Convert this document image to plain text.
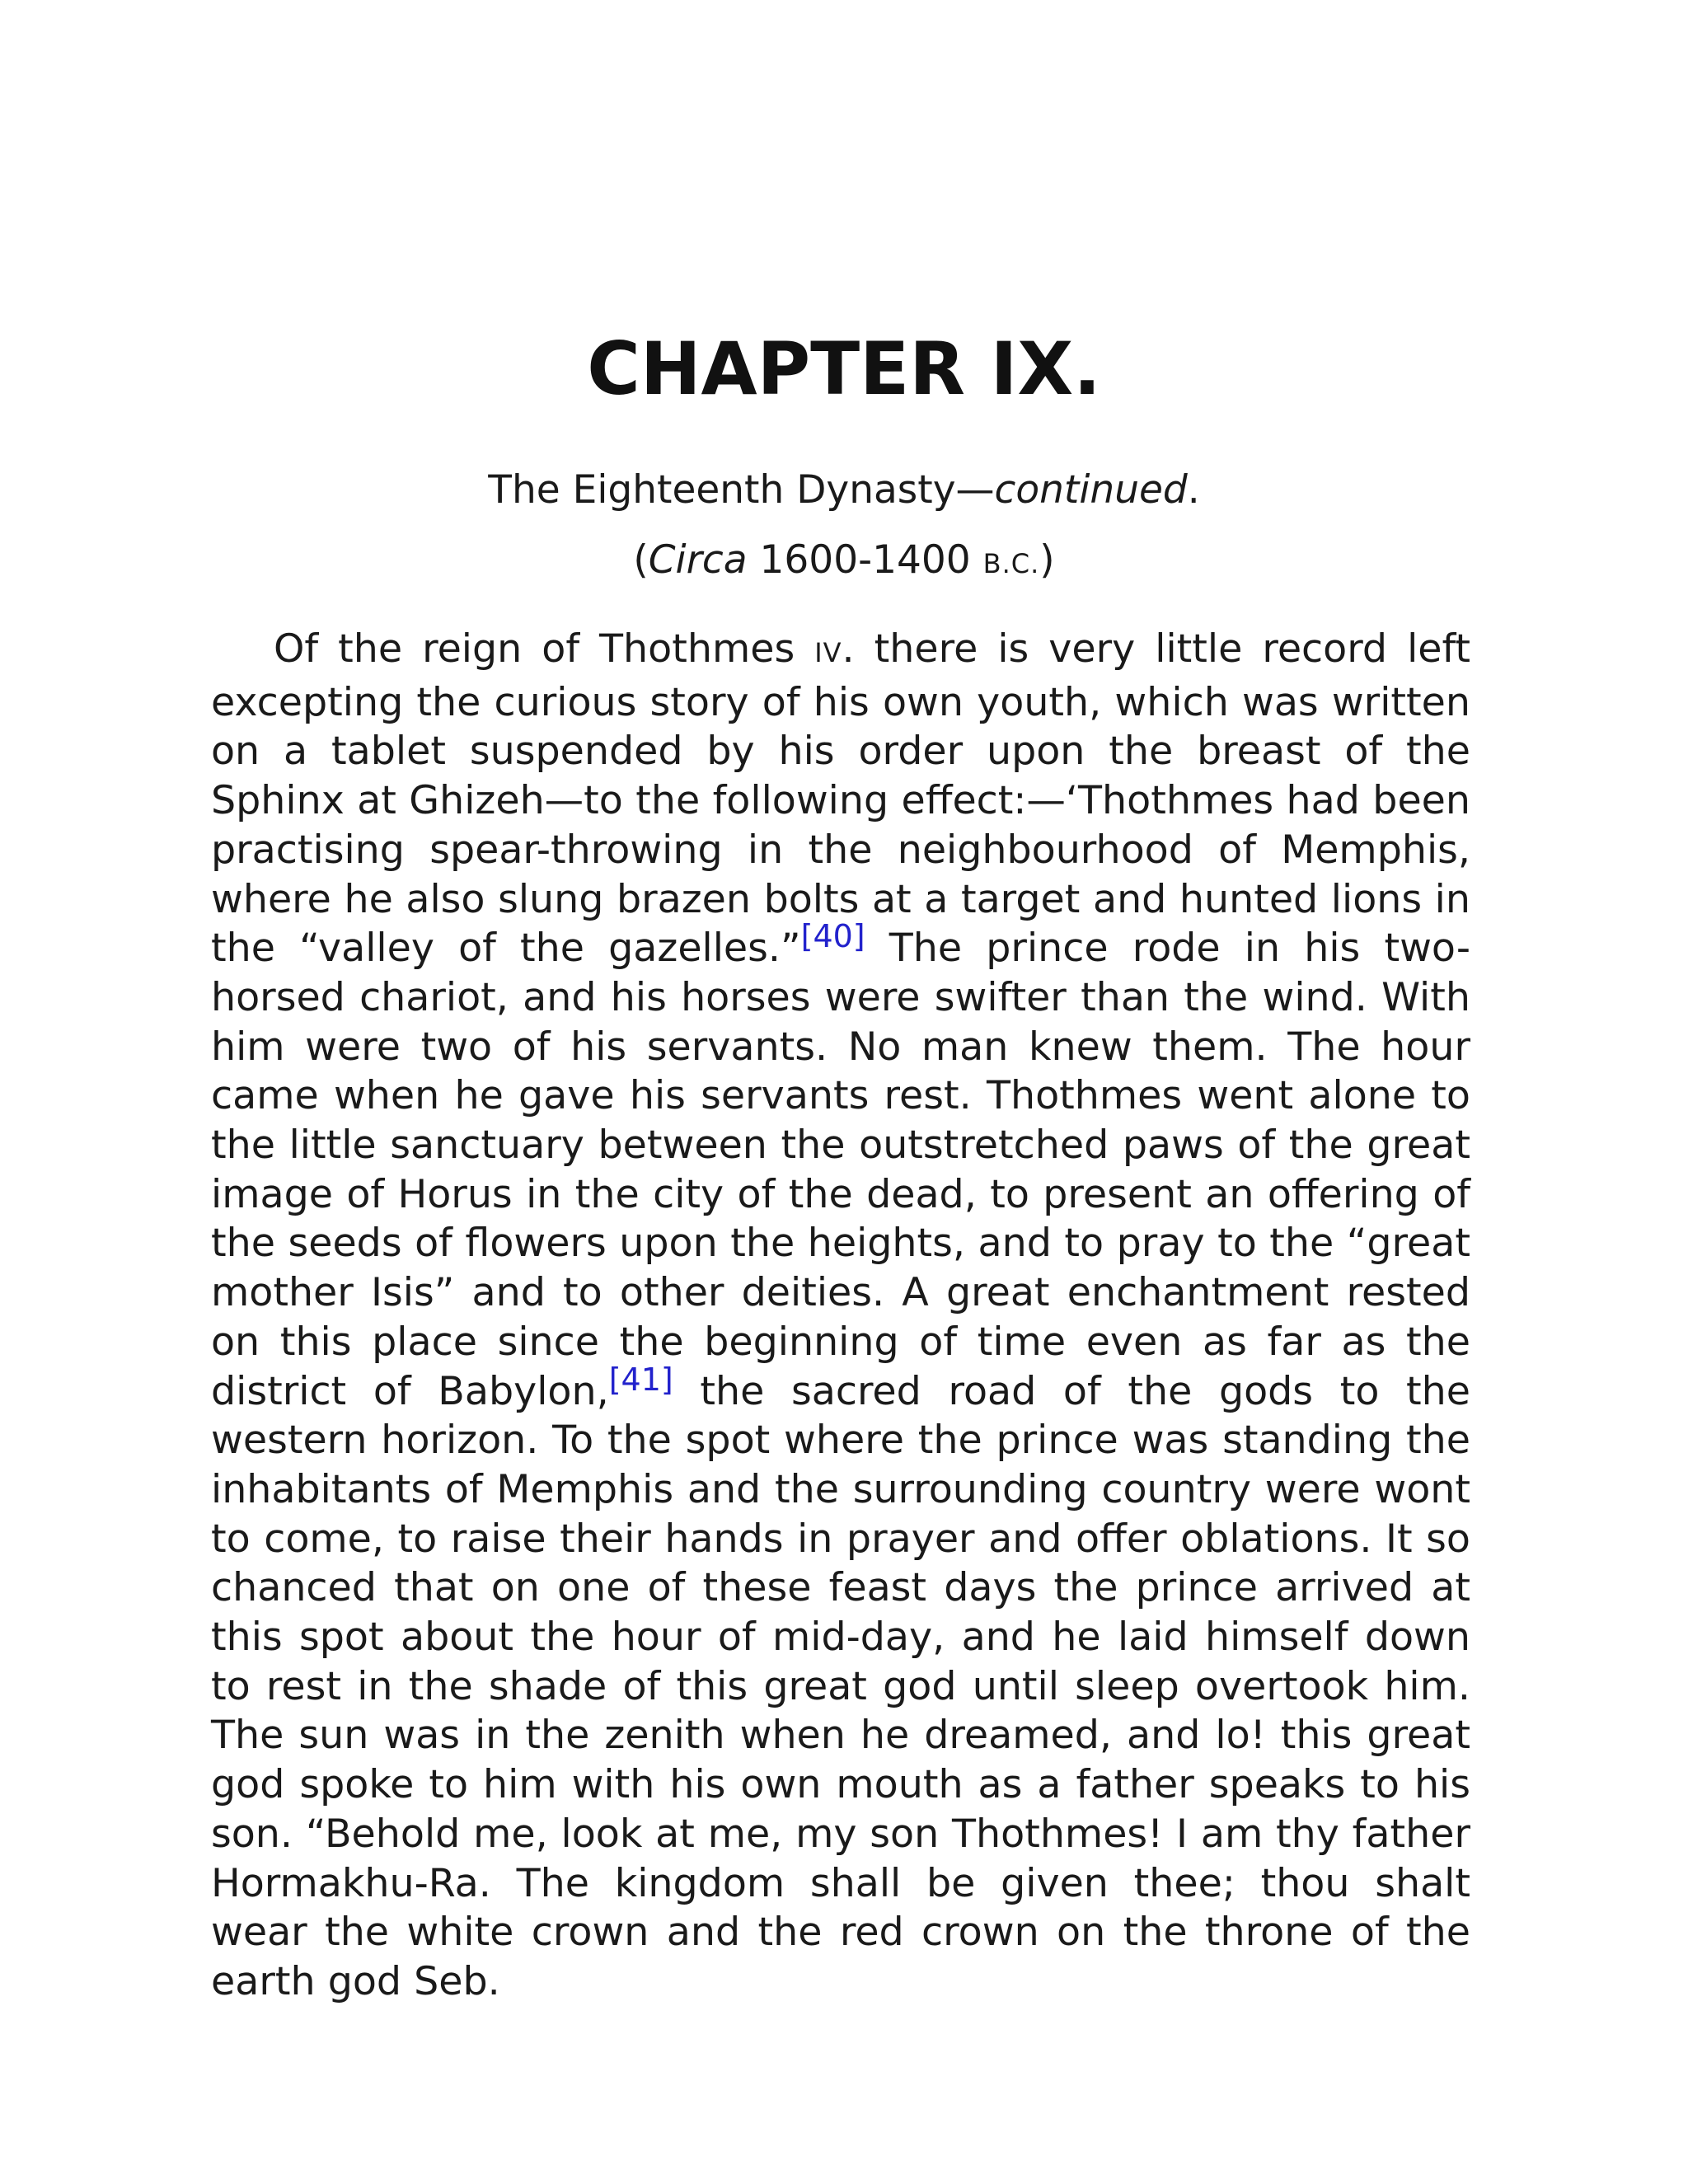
CHAPTER IX.

The Eighteenth Dynasty—continued.

(Circa 1600-1400 B.C.)

Of the reign of Thothmes IV. there is very little record left excepting the curious story of his own youth, which was written on a tablet suspended by his order upon the breast of the Sphinx at Ghizeh—to the following effect:—‘Thothmes had been practising spear-throwing in the neighbourhood of Memphis, where he also slung brazen bolts at a target and hunted lions in the “valley of the gazelles.”[40] The prince rode in his two-horsed chariot, and his horses were swifter than the wind. With him were two of his servants. No man knew them. The hour came when he gave his servants rest. Thothmes went alone to the little sanctuary between the outstretched paws of the great image of Horus in the city of the dead, to present an offering of the seeds of flowers upon the heights, and to pray to the “great mother Isis” and to other deities. A great enchantment rested on this place since the beginning of time even as far as the district of Babylon,[41] the sacred road of the gods to the western horizon. To the spot where the prince was standing the inhabitants of Memphis and the surrounding country were wont to come, to raise their hands in prayer and offer oblations. It so chanced that on one of these feast days the prince arrived at this spot about the hour of mid-day, and he laid himself down to rest in the shade of this great god until sleep overtook him. The sun was in the zenith when he dreamed, and lo! this great god spoke to him with his own mouth as a father speaks to his son. “Behold me, look at me, my son Thothmes! I am thy father Hormakhu-Ra. The kingdom shall be given thee; thou shalt wear the white crown and the red crown on the throne of the earth god Seb.
